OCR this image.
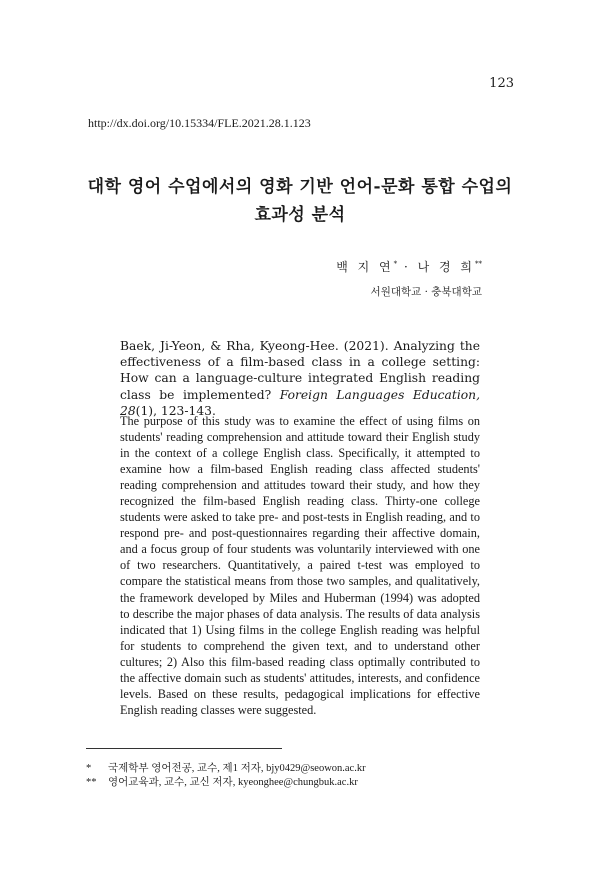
123
http://dx.doi.org/10.15334/FLE.2021.28.1.123
대학 영어 수업에서의 영화 기반 언어-문화 통합 수업의
효과성 분석
백 지 연* · 나 경 희**
서원대학교 · 충북대학교
Baek, Ji-Yeon, & Rha, Kyeong-Hee. (2021). Analyzing the effectiveness of a film-based class in a college setting: How can a language-culture integrated English reading class be implemented? Foreign Languages Education, 28(1), 123-143.
The purpose of this study was to examine the effect of using films on students' reading comprehension and attitude toward their English study in the context of a college English class. Specifically, it attempted to examine how a film-based English reading class affected students' reading comprehension and attitudes toward their study, and how they recognized the film-based English reading class. Thirty-one college students were asked to take pre- and post-tests in English reading, and to respond pre- and post-questionnaires regarding their affective domain, and a focus group of four students was voluntarily interviewed with one of two researchers. Quantitatively, a paired t-test was employed to compare the statistical means from those two samples, and qualitatively, the framework developed by Miles and Huberman (1994) was adopted to describe the major phases of data analysis. The results of data analysis indicated that 1) Using films in the college English reading was helpful for students to comprehend the given text, and to understand other cultures; 2) Also this film-based reading class optimally contributed to the affective domain such as students' attitudes, interests, and confidence levels. Based on these results, pedagogical implications for effective English reading classes were suggested.
* 국제학부 영어전공, 교수, 제1 저자, bjy0429@seowon.ac.kr
** 영어교육과, 교수, 교신 저자, kyeonghee@chungbuk.ac.kr
